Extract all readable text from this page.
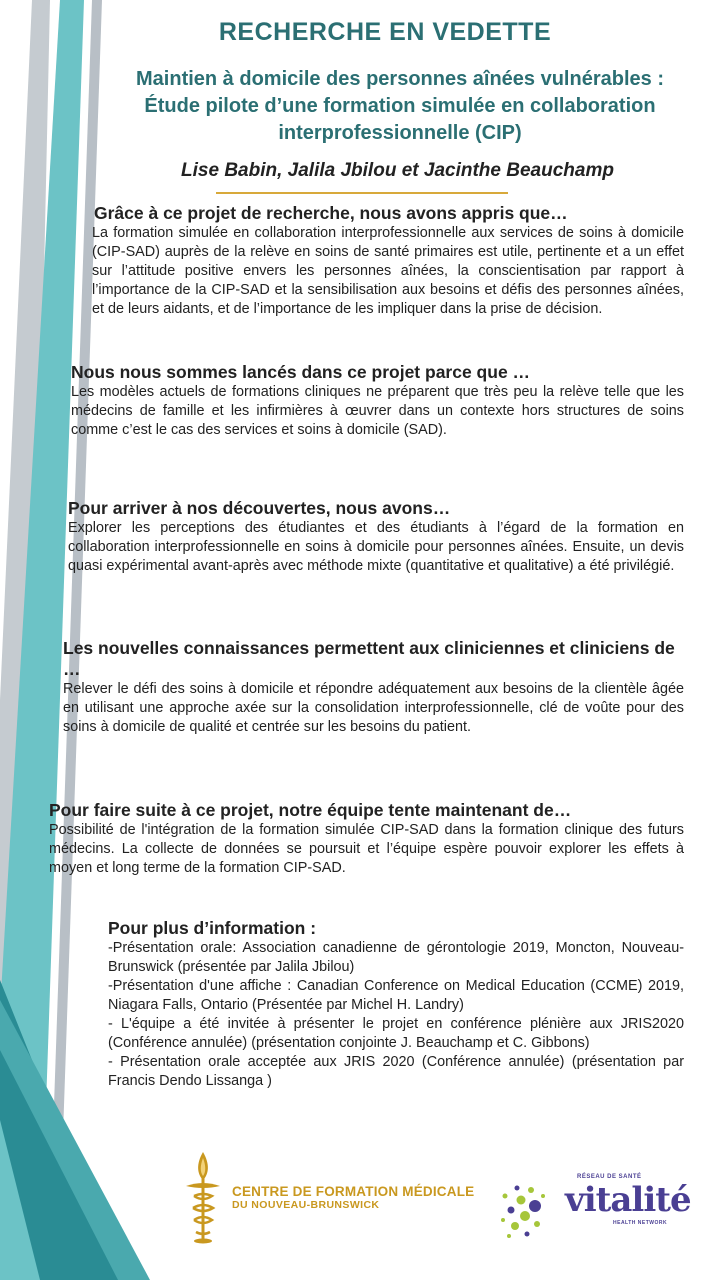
RECHERCHE EN VEDETTE
Maintien à domicile des personnes aînées vulnérables :
Étude pilote d’une formation simulée en collaboration
interprofessionnelle (CIP)
Lise Babin, Jalila Jbilou et Jacinthe Beauchamp
Grâce à ce projet de recherche, nous avons appris que…

La formation simulée en collaboration interprofessionnelle aux services de soins à domicile (CIP-SAD) auprès de la relève en soins de santé primaires est utile, pertinente et a un effet sur l’attitude positive envers les personnes aînées, la conscientisation par rapport à l’importance de la CIP-SAD et la sensibilisation aux besoins et défis des personnes aînées, et de leurs aidants, et de l’importance de les impliquer dans la prise de décision.

Nous nous sommes lancés dans ce projet parce que …

Les modèles actuels de formations cliniques ne préparent que très peu la relève telle que les médecins de famille et les infirmières à œuvrer dans un contexte hors structures de soins comme c’est le cas des services et soins à domicile (SAD).

Pour arriver à nos découvertes, nous avons…

Explorer les perceptions des étudiantes et des étudiants à l’égard de la formation en collaboration interprofessionnelle en soins à domicile pour personnes aînées. Ensuite, un devis quasi expérimental avant-après avec méthode mixte (quantitative et qualitative) a été privilégié.

Les nouvelles connaissances permettent aux cliniciennes et cliniciens de …

Relever le défi des soins à domicile et répondre adéquatement aux besoins de la clientèle âgée en utilisant une approche axée sur la consolidation interprofessionnelle, clé de voûte pour des soins à domicile de qualité et centrée sur les besoins du patient.

Pour faire suite à ce projet, notre équipe tente maintenant de…

Possibilité de l'intégration de la formation simulée CIP-SAD dans la formation clinique des futurs médecins. La collecte de données se poursuit et l’équipe espère pouvoir explorer les effets à moyen et long terme de la formation CIP-SAD.

Pour plus d’information :
-Présentation orale: Association canadienne de gérontologie 2019, Moncton, Nouveau-Brunswick (présentée par Jalila Jbilou)
-Présentation d'une affiche : Canadian Conference on Medical Education (CCME) 2019, Niagara Falls, Ontario (Présentée par Michel H. Landry)
- L'équipe a été invitée à présenter le projet en conférence plénière aux JRIS2020 (Conférence annulée) (présentation conjointe J. Beauchamp et C. Gibbons)
- Présentation orale acceptée aux JRIS 2020 (Conférence annulée) (présentation par Francis Dendo Lissanga )
CENTRE DE FORMATION MÉDICALE
DU NOUVEAU-BRUNSWICK
RÉSEAU DE SANTÉ
vitalité
HEALTH NETWORK
